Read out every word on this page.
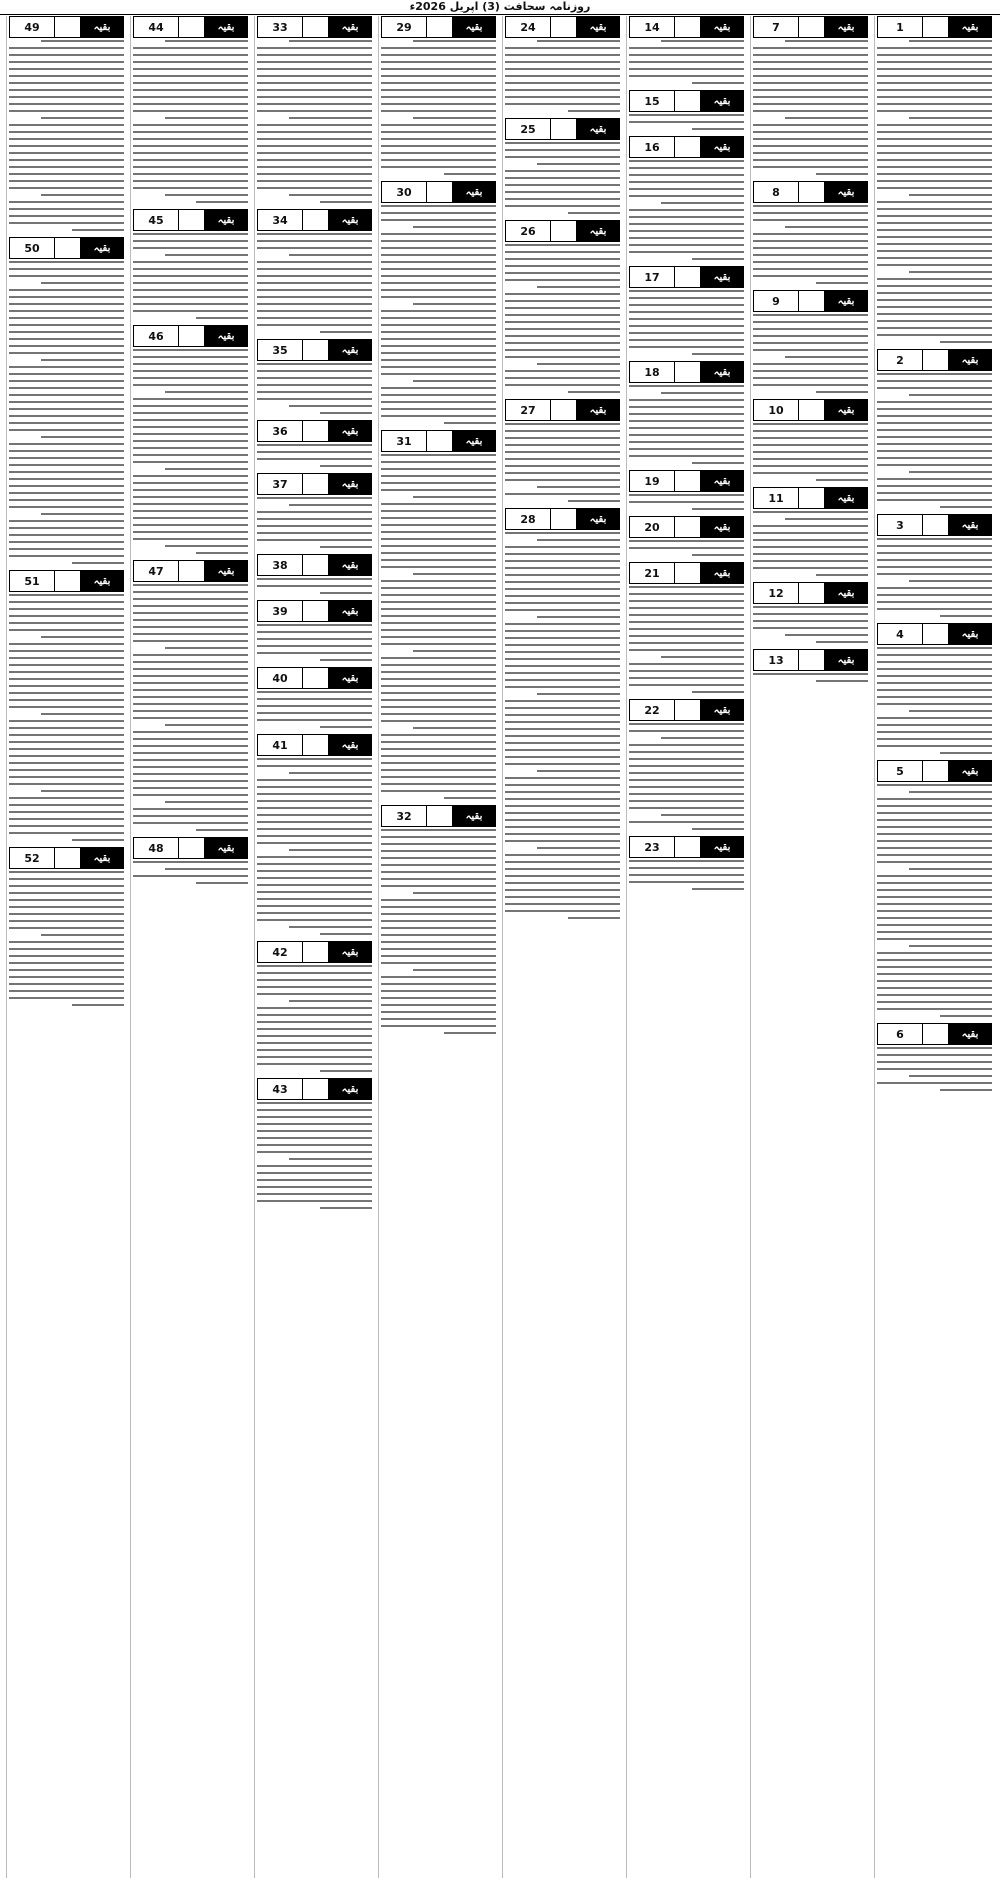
روزنامہ سحافت (3) اپریل 2026ء
بقیہ
1
بقیہ
2
بقیہ
3
بقیہ
4
بقیہ
5
بقیہ
6
بقیہ
7
بقیہ
8
بقیہ
9
بقیہ
10
بقیہ
11
بقیہ
12
بقیہ
13
بقیہ
14
بقیہ
15
بقیہ
16
بقیہ
17
بقیہ
18
بقیہ
19
بقیہ
20
بقیہ
21
بقیہ
22
بقیہ
23
بقیہ
24
بقیہ
25
بقیہ
26
بقیہ
27
بقیہ
28
بقیہ
29
بقیہ
30
بقیہ
31
بقیہ
32
بقیہ
33
بقیہ
34
بقیہ
35
بقیہ
36
بقیہ
37
بقیہ
38
بقیہ
39
بقیہ
40
بقیہ
41
بقیہ
42
بقیہ
43
بقیہ
44
بقیہ
45
بقیہ
46
بقیہ
47
بقیہ
48
بقیہ
49
بقیہ
50
بقیہ
51
بقیہ
52
